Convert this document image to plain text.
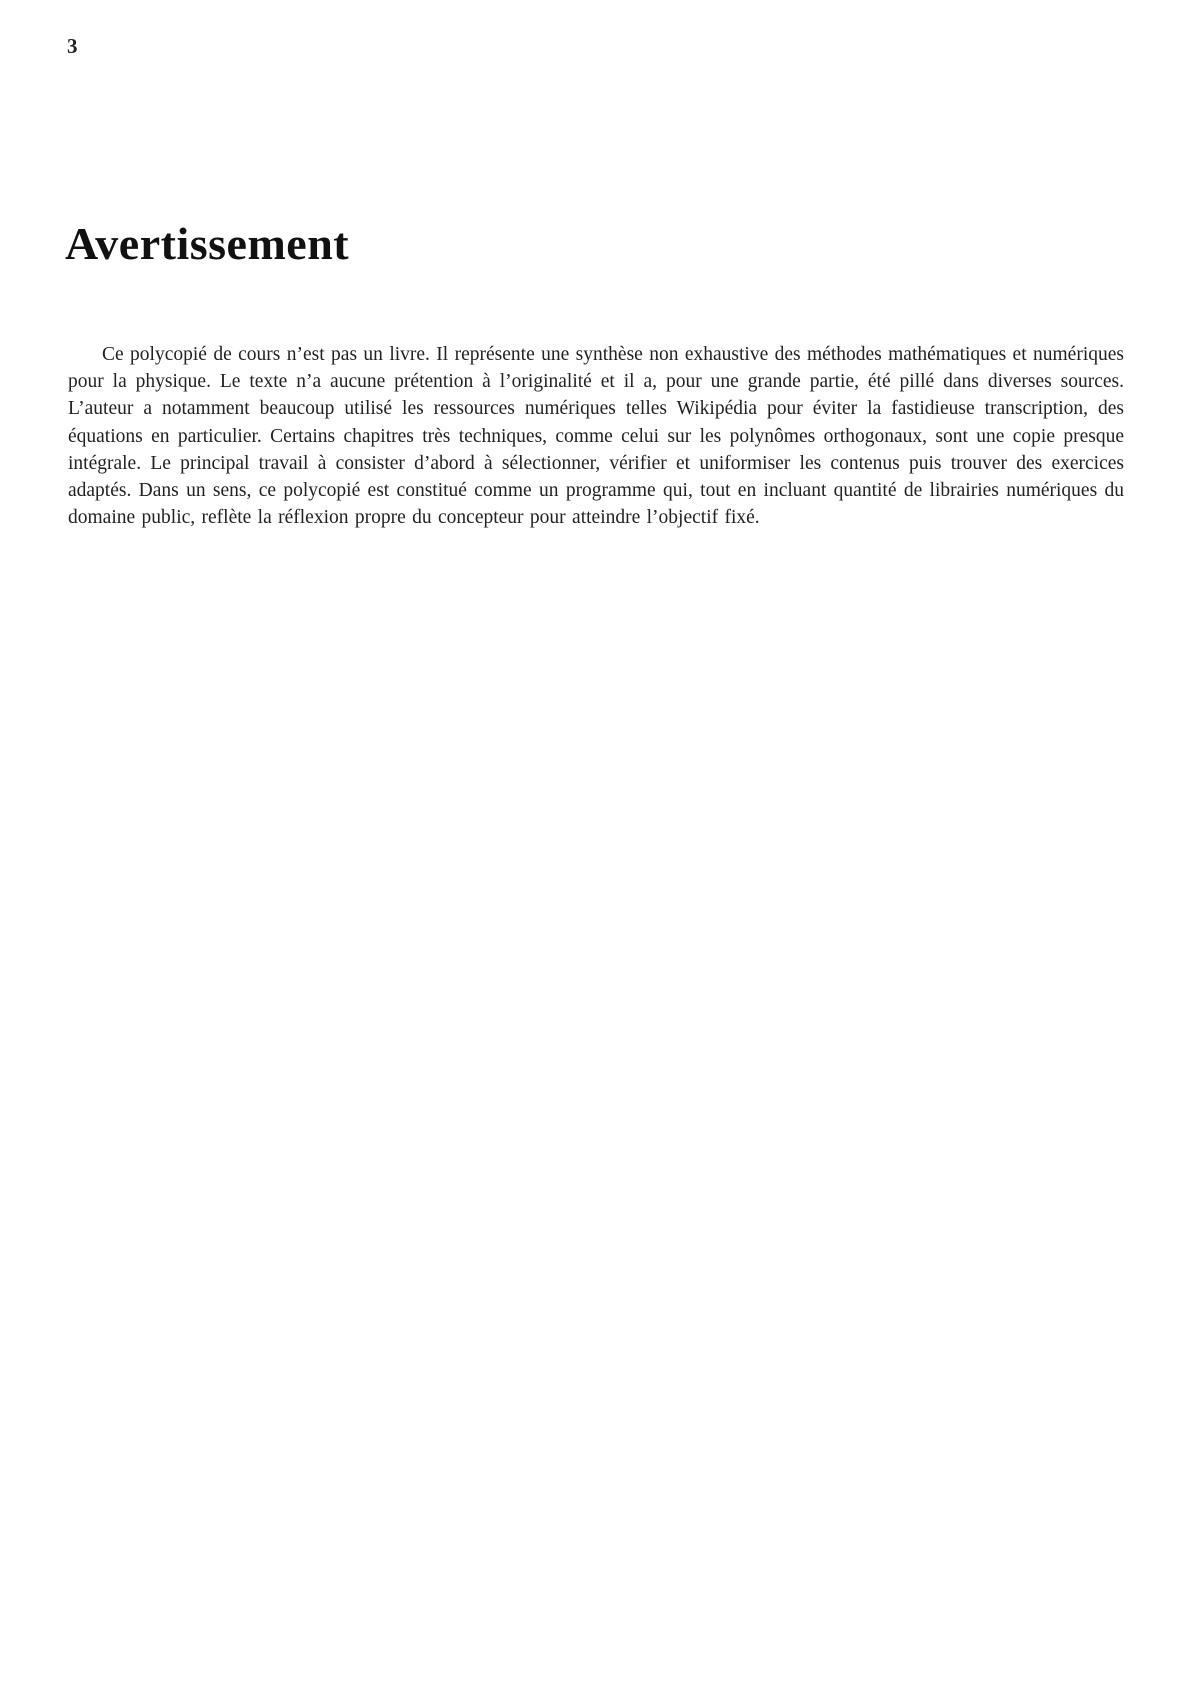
3
Avertissement

Ce polycopié de cours n’est pas un livre. Il représente une synthèse non exhaustive des méthodes mathématiques et numériques pour la physique. Le texte n’a aucune prétention à l’originalité et il a, pour une grande partie, été pillé dans diverses sources. L’auteur a notamment beaucoup utilisé les ressources numériques telles Wikipédia pour éviter la fastidieuse transcription, des équations en particulier. Certains chapitres très techniques, comme celui sur les polynômes orthogonaux, sont une copie presque intégrale. Le principal travail à consister d’abord à sélectionner, vérifier et uniformiser les contenus puis trouver des exercices adaptés. Dans un sens, ce polycopié est constitué comme un programme qui, tout en incluant quantité de librairies numériques du domaine public, reflète la réflexion propre du concepteur pour atteindre l’objectif fixé.
